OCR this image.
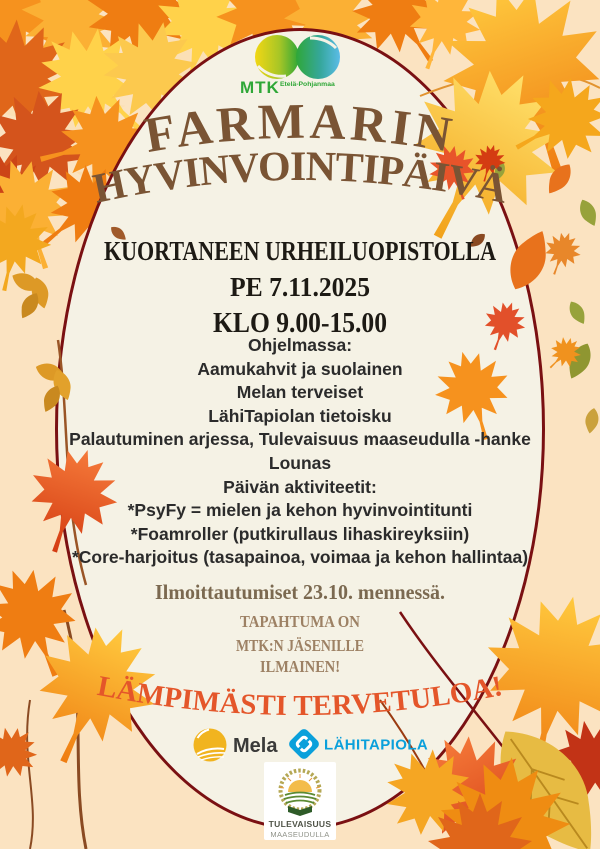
MTK Etelä-Pohjanmaa
FARMARIN
HYVINVOINTIPÄIVÄ
KUORTANEEN URHEILUOPISTOLLA
PE 7.11.2025
KLO 9.00-15.00
Ilmoittautumiset 23.10. mennessä.
TAPAHTUMA ON
MTK:N JÄSENILLE
ILMAINEN!
LÄMPIMÄSTI TERVETULOA!
Mela	LÄHITAPIOLA
TULEVAISUUS
MAASEUDULLA
Ohjelmassa:
Aamukahvit ja suolainen
Melan terveiset
LähiTapiolan tietoisku
Palautuminen arjessa, Tulevaisuus maaseudulla -hanke
Lounas
Päivän aktiviteetit:
*PsyFy = mielen ja kehon hyvinvointitunti
*Foamroller (putkirullaus lihaskireyksiin)
*Core-harjoitus (tasapainoa, voimaa ja kehon hallintaa)
